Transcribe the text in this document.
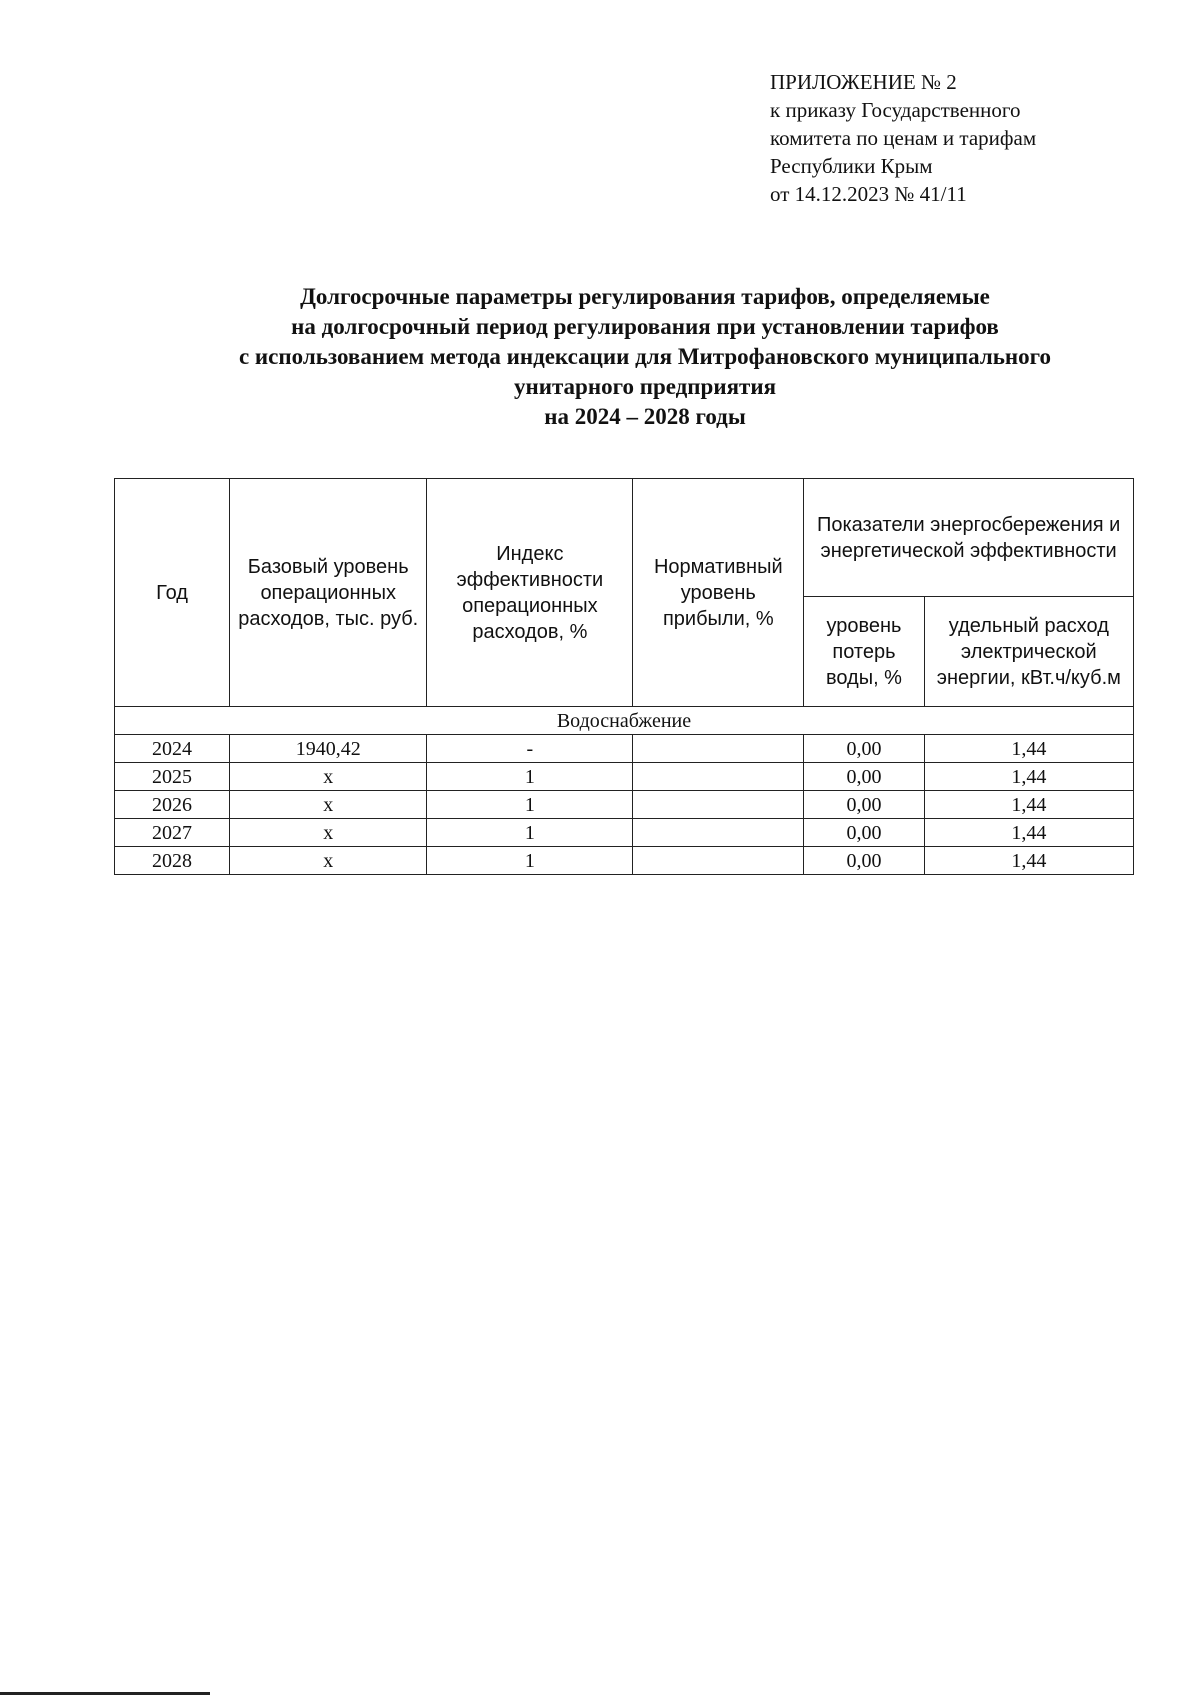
ПРИЛОЖЕНИЕ № 2
к приказу Государственного
комитета по ценам и тарифам
Республики Крым
от 14.12.2023 № 41/11
Долгосрочные параметры регулирования тарифов, определяемые
на долгосрочный период регулирования при установлении тарифов
с использованием метода индексации для Митрофановского муниципального
унитарного предприятия
на 2024 – 2028 годы
Год	Базовый уровень операционных расходов, тыс. руб.	Индекс эффективности операционных расходов, %	Нормативный уровень прибыли, %	Показатели энергосбережения и энергетической эффективности	
				уровень потерь воды, %	удельный расход электрической энергии, кВт.ч/куб.м
Водоснабжение					
2024	1940,42	-		0,00	1,44
2025	x	1		0,00	1,44
2026	x	1		0,00	1,44
2027	x	1		0,00	1,44
2028	x	1		0,00	1,44
